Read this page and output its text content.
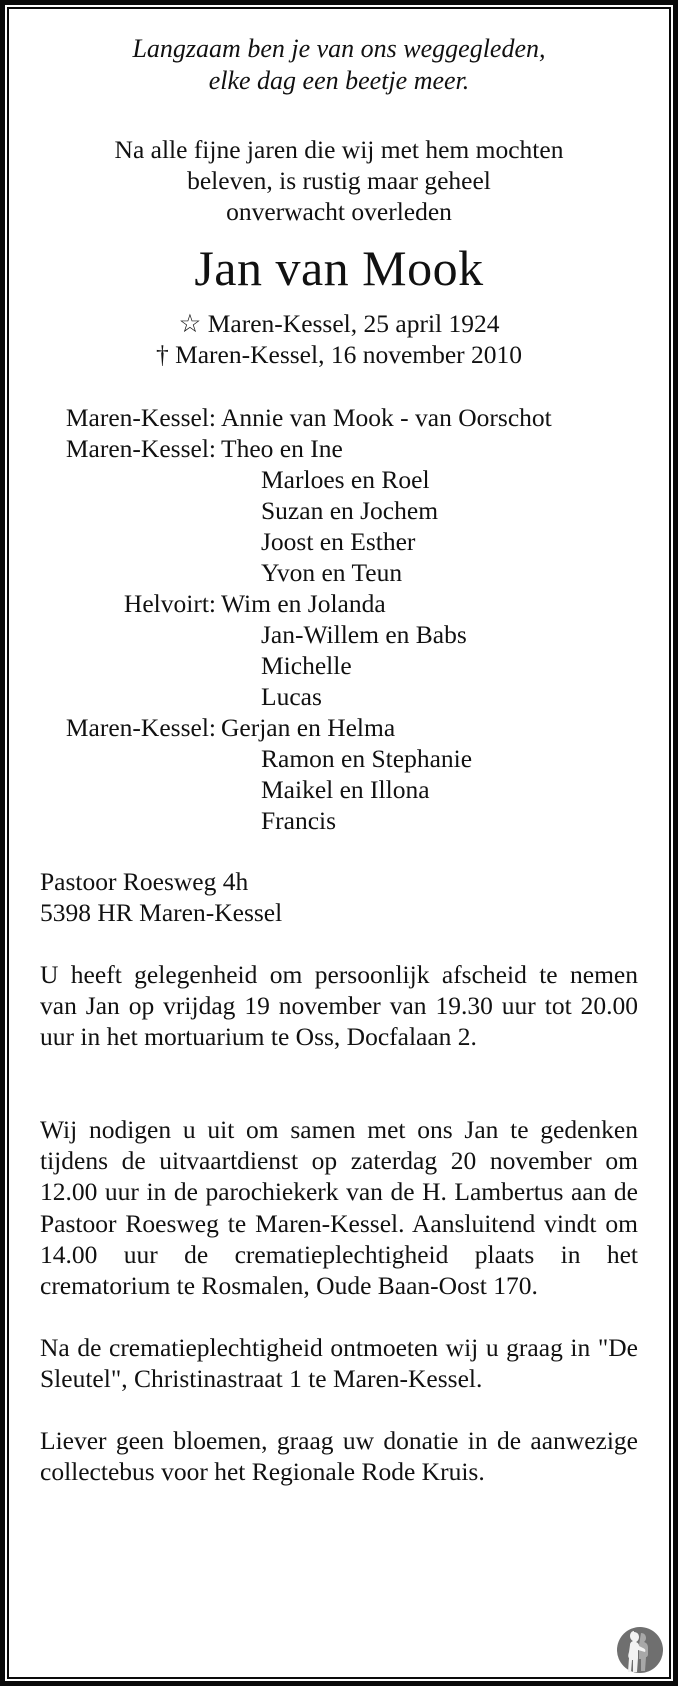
Langzaam ben je van ons weggegleden,
elke dag een beetje meer.
Na alle fijne jaren die wij met hem mochten
beleven, is rustig maar geheel
onverwacht overleden
Jan van Mook
☆ Maren-Kessel, 25 april 1924
† Maren-Kessel, 16 november 2010
Maren-Kessel: Annie van Mook - van Oorschot
Maren-Kessel: Theo en Ine
Marloes en Roel
Suzan en Jochem
Joost en Esther
Yvon en Teun
Helvoirt: Wim en Jolanda
Jan-Willem en Babs
Michelle
Lucas
Maren-Kessel: Gerjan en Helma
Ramon en Stephanie
Maikel en Illona
Francis
Pastoor Roesweg 4h
5398 HR Maren-Kessel
U heeft gelegenheid om persoonlijk afscheid te nemen van Jan op vrijdag 19 november van 19.30 uur tot 20.00 uur in het mortuarium te Oss, Docfalaan 2.
Wij nodigen u uit om samen met ons Jan te gedenken tijdens de uitvaartdienst op zaterdag 20 november om 12.00 uur in de parochiekerk van de H. Lambertus aan de Pastoor Roesweg te Maren-Kessel. Aansluitend vindt om 14.00 uur de crematieplechtigheid plaats in het crematorium te Rosmalen, Oude Baan-Oost 170.
Na de crematieplechtigheid ontmoeten wij u graag in "De Sleutel", Christinastraat 1 te Maren-Kessel.
Liever geen bloemen, graag uw donatie in de aanwezige collectebus voor het Regionale Rode Kruis.
